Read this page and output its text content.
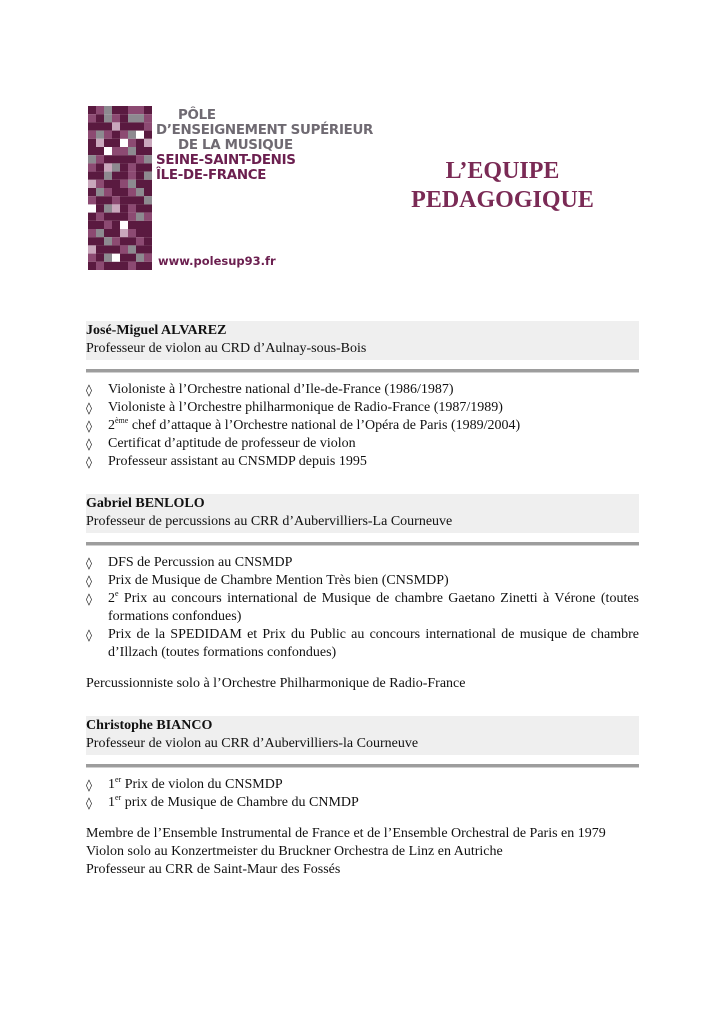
PÔLE
D’ENSEIGNEMENT SUPÉRIEUR
DE LA MUSIQUE
SEINE-SAINT-DENIS
ÎLE-DE-FRANCE
www.polesup93.fr
L’EQUIPE
PEDAGOGIQUE
José-Miguel ALVAREZ
Professeur de violon au CRD d’Aulnay-sous-Bois
◊ Violoniste à l’Orchestre national d’Ile-de-France (1986/1987)
◊ Violoniste à l’Orchestre philharmonique de Radio-France (1987/1989)
◊ 2ème chef d’attaque à l’Orchestre national de l’Opéra de Paris (1989/2004)
◊ Certificat d’aptitude de professeur de violon
◊ Professeur assistant au CNSMDP depuis 1995
Gabriel BENLOLO
Professeur de percussions au CRR d’Aubervilliers-La Courneuve
◊ DFS de Percussion au CNSMDP
◊ Prix de Musique de Chambre Mention Très bien (CNSMDP)
◊ 2e Prix au concours international de Musique de chambre Gaetano Zinetti à Vérone (toutes formations confondues)
◊ Prix de la SPEDIDAM et Prix du Public au concours international de musique de chambre d’Illzach (toutes formations confondues)
Percussionniste solo à l’Orchestre Philharmonique de Radio-France
Christophe BIANCO
Professeur de violon au CRR d’Aubervilliers-la Courneuve
◊ 1er Prix de violon du CNSMDP
◊ 1er prix de Musique de Chambre du CNMDP
Membre de l’Ensemble Instrumental de France et de l’Ensemble Orchestral de Paris en 1979
Violon solo au Konzertmeister du Bruckner Orchestra de Linz en Autriche
Professeur au CRR de Saint-Maur des Fossés
